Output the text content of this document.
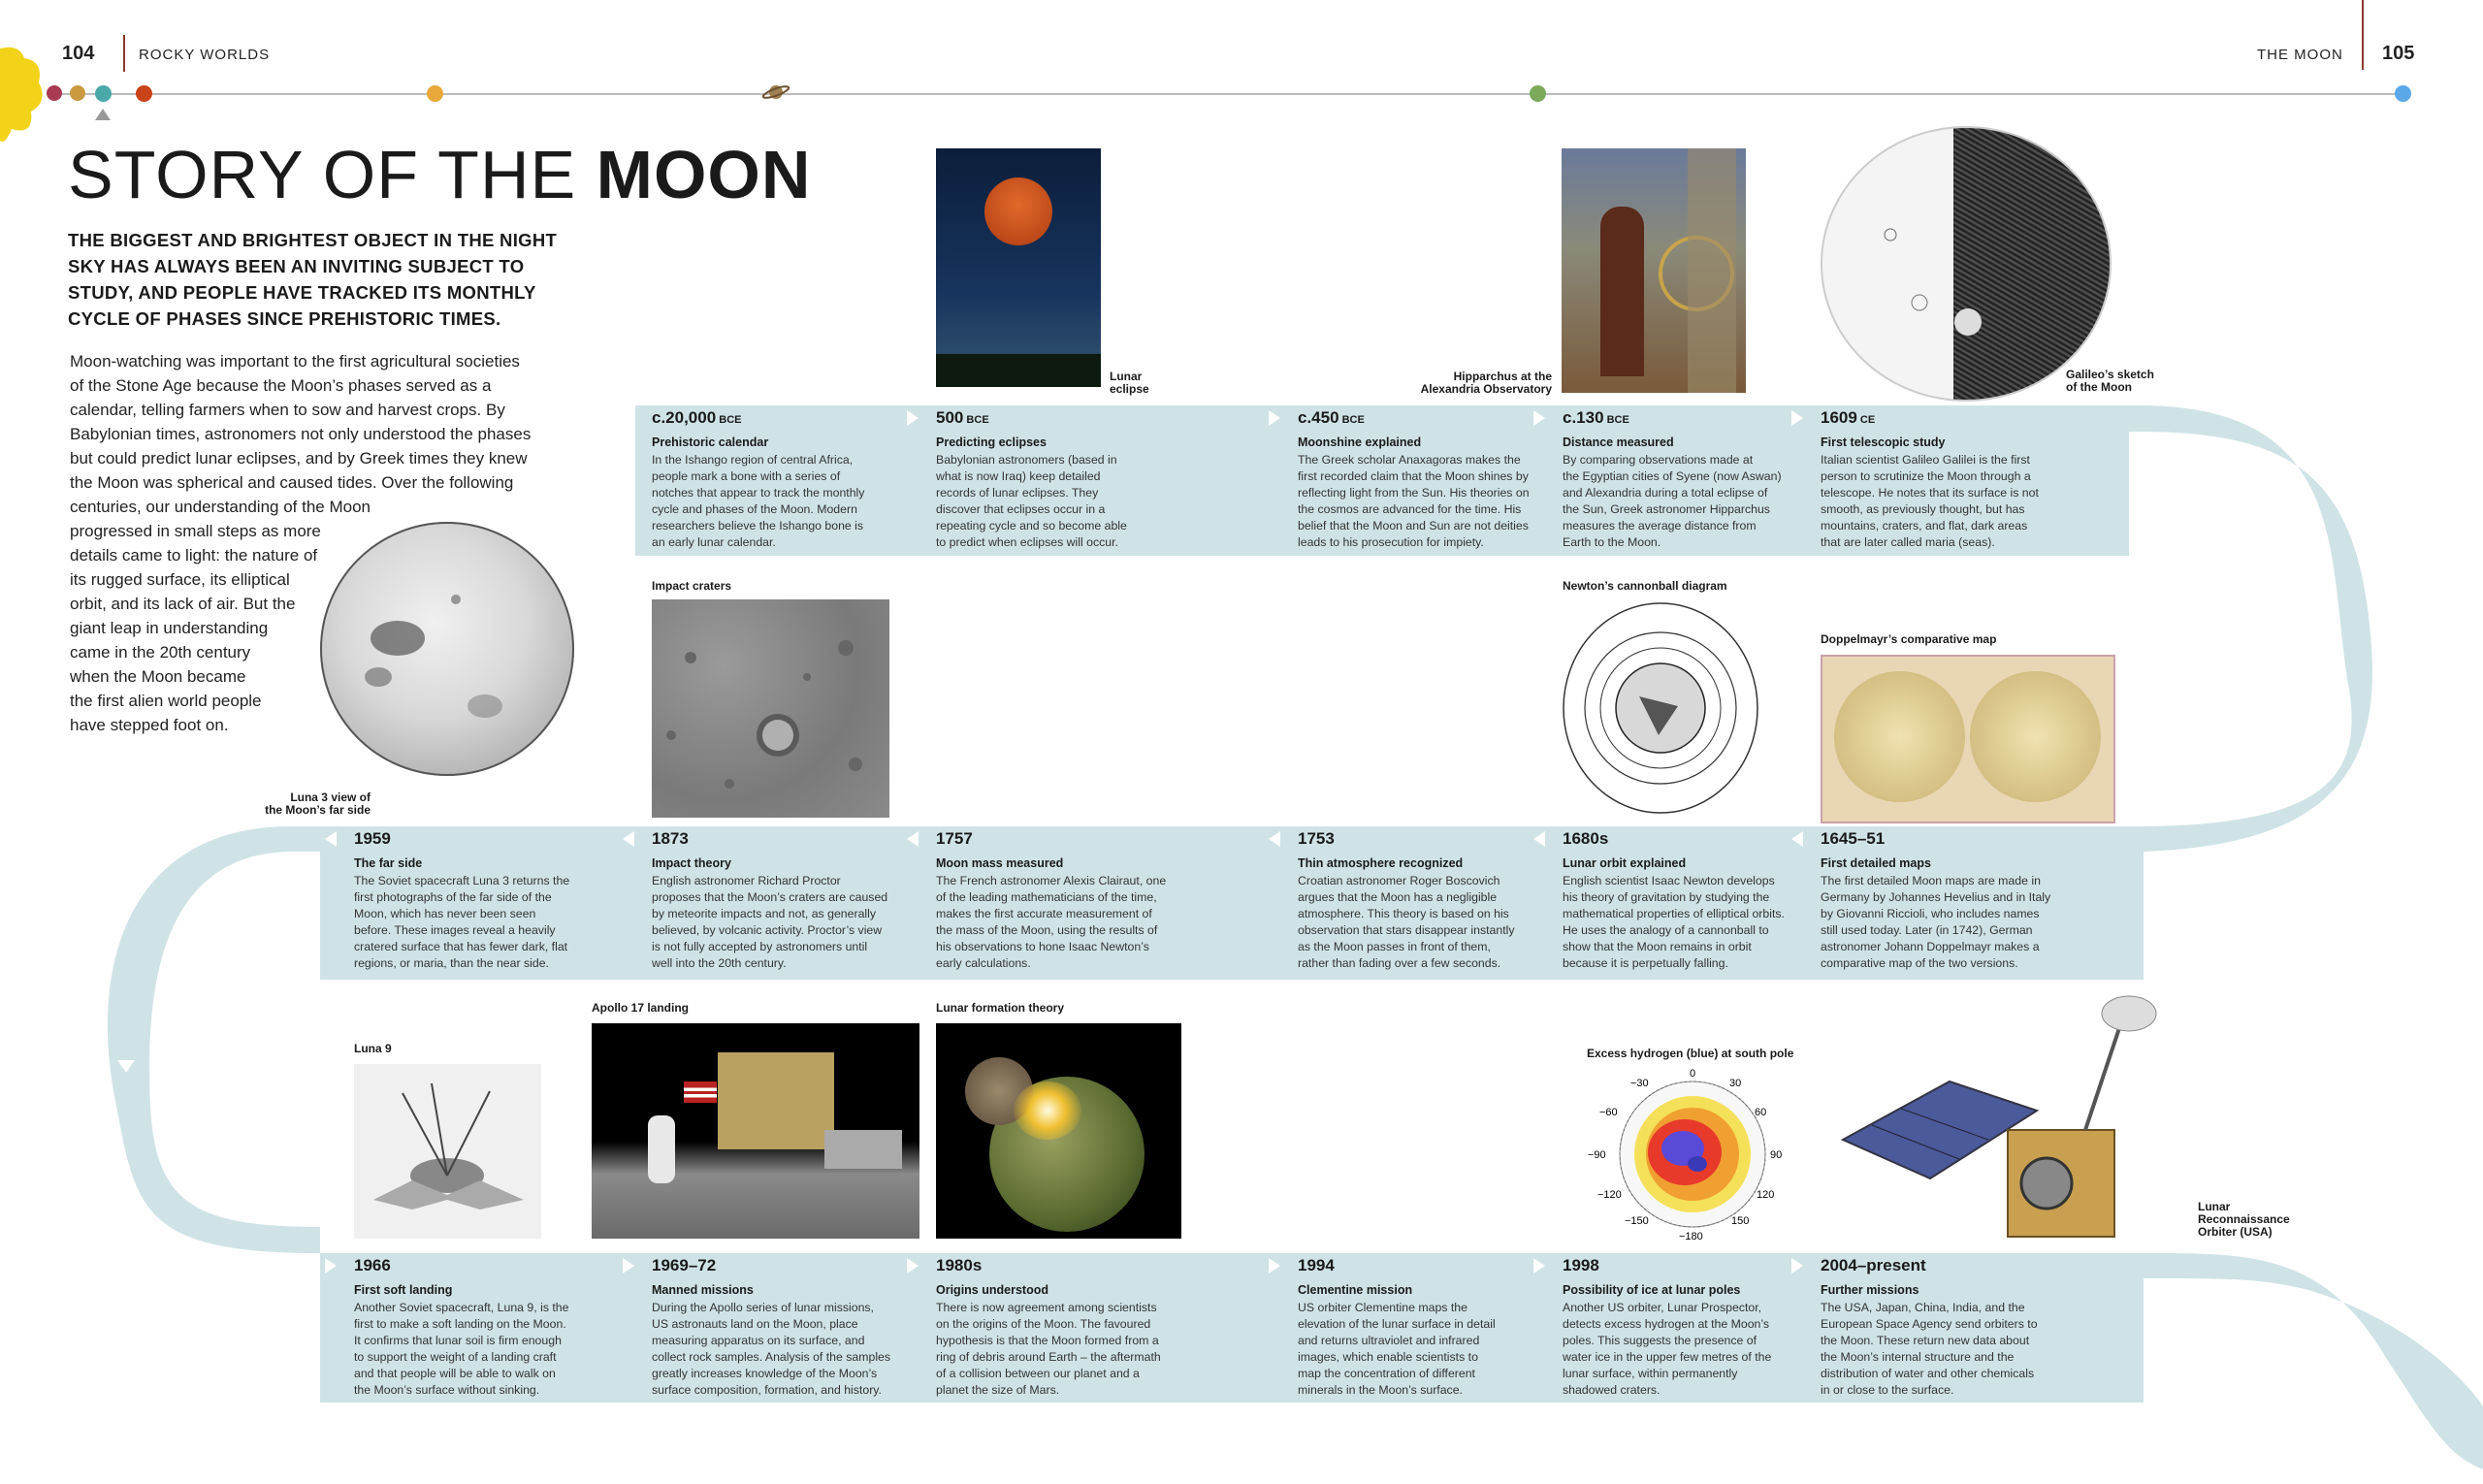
104	ROCKY WORLDS	THE MOON 105
STORY OF THE MOON
THE BIGGEST AND BRIGHTEST OBJECT IN THE NIGHT SKY HAS ALWAYS BEEN AN INVITING SUBJECT TO STUDY, AND PEOPLE HAVE TRACKED ITS MONTHLY CYCLE OF PHASES SINCE PREHISTORIC TIMES.
Moon-watching was important to the first agricultural societies
of the Stone Age because the Moon’s phases served as a
calendar, telling farmers when to sow and harvest crops. By
Babylonian times, astronomers not only understood the phases
but could predict lunar eclipses, and by Greek times they knew
the Moon was spherical and caused tides. Over the following
centuries, our understanding of the Moon
progressed in small steps as more
details came to light: the nature of
its rugged surface, its elliptical
orbit, and its lack of air. But the
giant leap in understanding
came in the 20th century
when the Moon became
the first alien world people
have stepped foot on.
Luna 3 view of
the Moon’s far side
Lunar
eclipse
Hipparchus at the
Alexandria Observatory
Galileo’s sketch
of the Moon
Impact craters	Newton’s cannonball diagram
Doppelmayr’s comparative map
Luna 9
Apollo 17 landing	Lunar formation theory
Excess hydrogen (blue) at south pole
0
30
60
90
120
150
−180
−150
−120
−90
−60
−30
Lunar
Reconnaissance
Orbiter (USA)
c.20,000 BCE
Prehistoric calendar
In the Ishango region of central Africa,
people mark a bone with a series of
notches that appear to track the monthly
cycle and phases of the Moon. Modern
researchers believe the Ishango bone is
an early lunar calendar.
500 BCE
Predicting eclipses
Babylonian astronomers (based in
what is now Iraq) keep detailed
records of lunar eclipses. They
discover that eclipses occur in a
repeating cycle and so become able
to predict when eclipses will occur.
c.450 BCE
Moonshine explained
The Greek scholar Anaxagoras makes the
first recorded claim that the Moon shines by
reflecting light from the Sun. His theories on
the cosmos are advanced for the time. His
belief that the Moon and Sun are not deities
leads to his prosecution for impiety.
c.130 BCE
Distance measured
By comparing observations made at
the Egyptian cities of Syene (now Aswan)
and Alexandria during a total eclipse of
the Sun, Greek astronomer Hipparchus
measures the average distance from
Earth to the Moon.
1609 CE
First telescopic study
Italian scientist Galileo Galilei is the first
person to scrutinize the Moon through a
telescope. He notes that its surface is not
smooth, as previously thought, but has
mountains, craters, and flat, dark areas
that are later called maria (seas).
1959
The far side
The Soviet spacecraft Luna 3 returns the
first photographs of the far side of the
Moon, which has never been seen
before. These images reveal a heavily
cratered surface that has fewer dark, flat
regions, or maria, than the near side.
1873
Impact theory
English astronomer Richard Proctor
proposes that the Moon’s craters are caused
by meteorite impacts and not, as generally
believed, by volcanic activity. Proctor’s view
is not fully accepted by astronomers until
well into the 20th century.
1757
Moon mass measured
The French astronomer Alexis Clairaut, one
of the leading mathematicians of the time,
makes the first accurate measurement of
the mass of the Moon, using the results of
his observations to hone Isaac Newton’s
early calculations.
1753
Thin atmosphere recognized
Croatian astronomer Roger Boscovich
argues that the Moon has a negligible
atmosphere. This theory is based on his
observation that stars disappear instantly
as the Moon passes in front of them,
rather than fading over a few seconds.
1680s
Lunar orbit explained
English scientist Isaac Newton develops
his theory of gravitation by studying the
mathematical properties of elliptical orbits.
He uses the analogy of a cannonball to
show that the Moon remains in orbit
because it is perpetually falling.
1645–51
First detailed maps
The first detailed Moon maps are made in
Germany by Johannes Hevelius and in Italy
by Giovanni Riccioli, who includes names
still used today. Later (in 1742), German
astronomer Johann Doppelmayr makes a
comparative map of the two versions.
1966
First soft landing
Another Soviet spacecraft, Luna 9, is the
first to make a soft landing on the Moon.
It confirms that lunar soil is firm enough
to support the weight of a landing craft
and that people will be able to walk on
the Moon’s surface without sinking.
1969–72
Manned missions
During the Apollo series of lunar missions,
US astronauts land on the Moon, place
measuring apparatus on its surface, and
collect rock samples. Analysis of the samples
greatly increases knowledge of the Moon’s
surface composition, formation, and history.
1980s
Origins understood
There is now agreement among scientists
on the origins of the Moon. The favoured
hypothesis is that the Moon formed from a
ring of debris around Earth – the aftermath
of a collision between our planet and a
planet the size of Mars.
1994
Clementine mission
US orbiter Clementine maps the
elevation of the lunar surface in detail
and returns ultraviolet and infrared
images, which enable scientists to
map the concentration of different
minerals in the Moon’s surface.
1998
Possibility of ice at lunar poles
Another US orbiter, Lunar Prospector,
detects excess hydrogen at the Moon’s
poles. This suggests the presence of
water ice in the upper few metres of the
lunar surface, within permanently
shadowed craters.
2004–present
Further missions
The USA, Japan, China, India, and the
European Space Agency send orbiters to
the Moon. These return new data about
the Moon’s internal structure and the
distribution of water and other chemicals
in or close to the surface.
